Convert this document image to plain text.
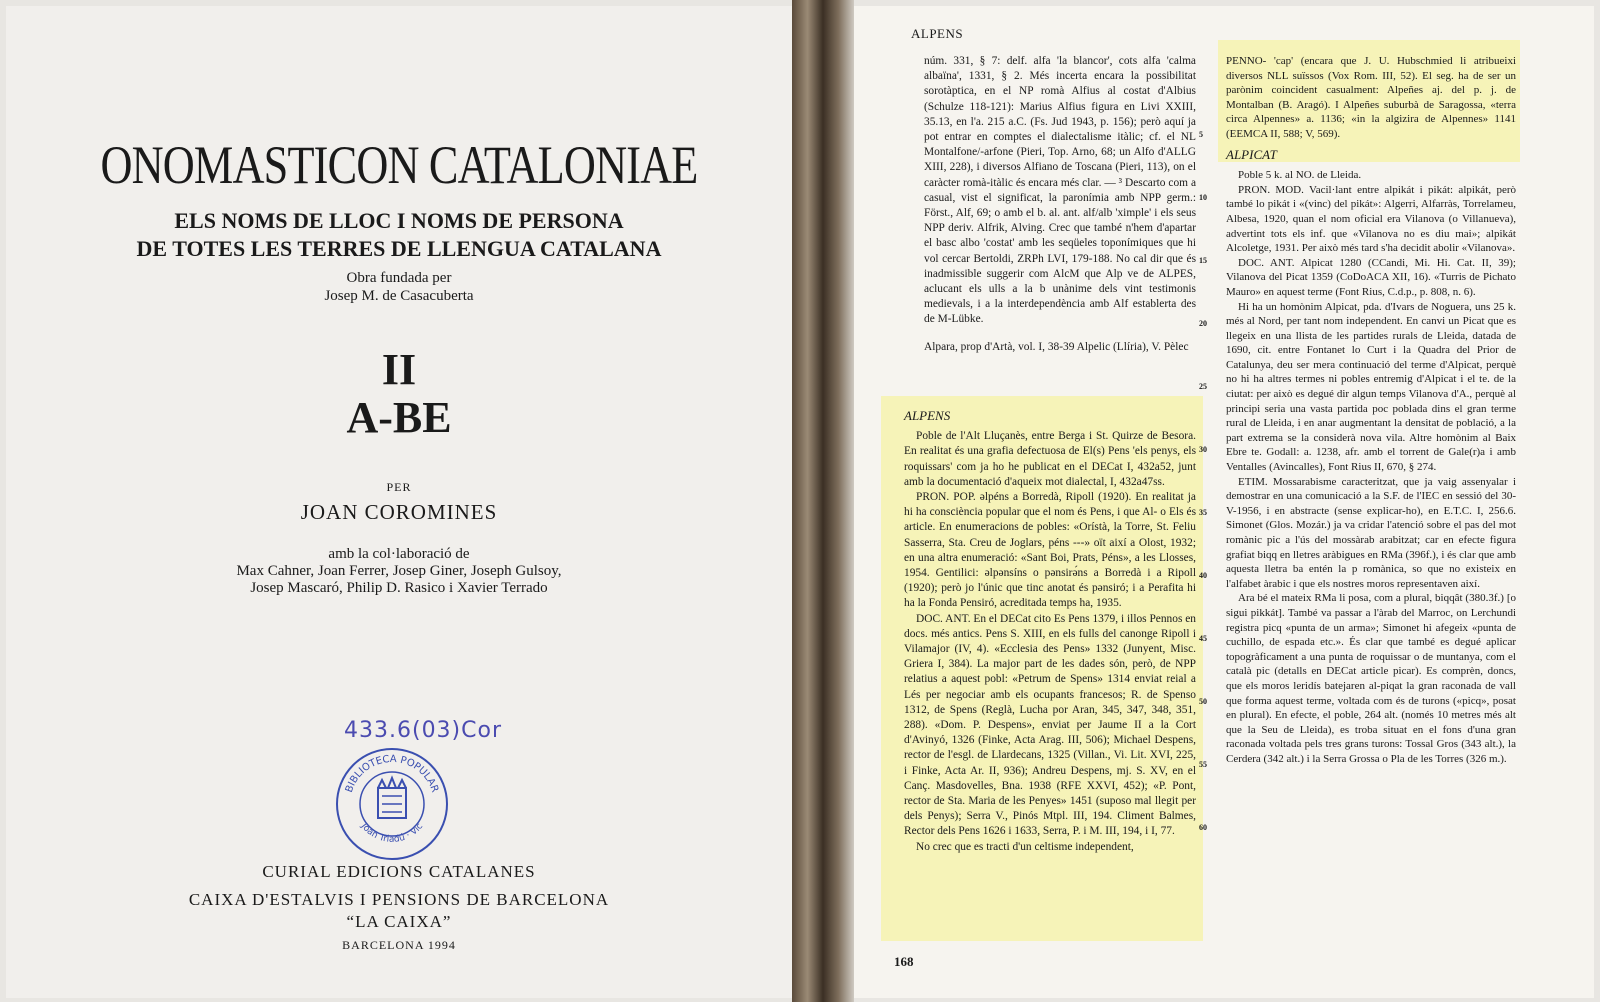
ONOMASTICON CATALONIAE
ELS NOMS DE LLOC I NOMS DE PERSONA
DE TOTES LES TERRES DE LLENGUA CATALANA
Obra fundada per
Josep M. de Casacuberta
II
A-BE
PER
JOAN COROMINES
amb la col·laboració de
Max Cahner, Joan Ferrer, Josep Giner, Joseph Gulsoy,
Josep Mascaró, Philip D. Rasico i Xavier Terrado
433.6(03)Cor
BIBLIOTECA POPULAR
Joan Triadú · Vic
CURIAL EDICIONS CATALANES
CAIXA D'ESTALVIS I PENSIONS DE BARCELONA
“LA CAIXA”
BARCELONA 1994
ALPENS

núm. 331, § 7: delf. alfa 'la blancor', cots alfa 'calma albaïna', 1331, § 2. Més incerta encara la possibilitat sorotàptica, en el NP romà Alfius al costat d'Albius (Schulze 118-121): Marius Alfius figura en Livi XXIII, 35.13, en l'a. 215 a.C. (Fs. Jud 1943, p. 156); però aquí ja pot entrar en comptes el dialectalisme itàlic; cf. el NL Montalfone/-arfone (Pieri, Top. Arno, 68; un Alfo d'ALLG XIII, 228), i diversos Alfiano de Toscana (Pieri, 113), on el caràcter romà-itàlic és encara més clar. — ³ Descarto com a casual, vist el significat, la paronímia amb NPP germ.: Först., Alf, 69; o amb el b. al. ant. alf/alb 'ximple' i els seus NPP deriv. Alfrik, Alving. Crec que també n'hem d'apartar el basc albo 'costat' amb les seqüeles toponímiques que hi vol cercar Bertoldi, ZRPh LVI, 179-188. No cal dir que és inadmissible suggerir com AlcM que Alp ve de ALPES, aclucant els ulls a la b unànime dels vint testimonis medievals, i a la interdependència amb Alf establerta des de M-Lübke.

Alpara, prop d'Artà, vol. I, 38-39 Alpelic (Llíria), V. Pèlec

ALPENS

Poble de l'Alt Lluçanès, entre Berga i St. Quirze de Besora. En realitat és una grafia defectuosa de El(s) Pens 'els penys, els roquissars' com ja ho he publicat en el DECat I, 432a52, junt amb la documentació d'aqueix mot dialectal, I, 432a47ss.

PRON. POP. əlpéns a Borredà, Ripoll (1920). En realitat ja hi ha consciència popular que el nom és Pens, i que Al- o Els és article. En enumeracions de pobles: «Orístà, la Torre, St. Feliu Sasserra, Sta. Creu de Joglars, péns ---» oït així a Olost, 1932; en una altra enumeració: «Sant Boi, Prats, Péns», a les Llosses, 1954. Gentilici: əlpənsíns o pənsirə́ns a Borredà i a Ripoll (1920); però jo l'únic que tinc anotat és pənsiró; i a Perafita hi ha la Fonda Pensiró, acreditada temps ha, 1935.

DOC. ANT. En el DECat cito Es Pens 1379, i illos Pennos en docs. més antics. Pens S. XIII, en els fulls del canonge Ripoll i Vilamajor (IV, 4). «Ecclesia des Pens» 1332 (Junyent, Misc. Griera I, 384). La major part de les dades són, però, de NPP relatius a aquest pobl: «Petrum de Spens» 1314 enviat reial a Lés per negociar amb els ocupants francesos; R. de Spenso 1312, de Spens (Reglà, Lucha por Aran, 345, 347, 348, 351, 288). «Dom. P. Despens», enviat per Jaume II a la Cort d'Avinyó, 1326 (Finke, Acta Arag. III, 506); Michael Despens, rector de l'esgl. de Llardecans, 1325 (Villan., Vi. Lit. XVI, 225, i Finke, Acta Ar. II, 936); Andreu Despens, mj. S. XV, en el Canç. Masdovelles, Bna. 1938 (RFE XXVI, 452); «P. Pont, rector de Sta. Maria de les Penyes» 1451 (suposo mal llegit per dels Penys); Serra V., Pinós Mtpl. III, 194. Climent Balmes, Rector dels Pens 1626 i 1633, Serra, P. i M. III, 194, i I, 77.

No crec que es tracti d'un celtisme independent,

PENNO- 'cap' (encara que J. U. Hubschmied li atribueixi diversos NLL suïssos (Vox Rom. III, 52). El seg. ha de ser un parònim coincident casualment: Alpeñes aj. del p. j. de Montalban (B. Aragó). I Alpeñes suburbà de Saragossa, «terra circa Alpennes» a. 1136; «in la algizira de Alpennes» 1141 (EEMCA II, 588; V, 569).

ALPICAT

Poble 5 k. al NO. de Lleida.

PRON. MOD. Vacil·lant entre alpikát i pikát: alpikát, però també lo pikát i «(vinc) del pikát»: Algerri, Alfarràs, Torrelameu, Albesa, 1920, quan el nom oficial era Vilanova (o Villanueva), advertint tots els inf. que «Vilanova no es diu mai»; alpikát Alcoletge, 1931. Per això més tard s'ha decidit abolir «Vilanova».

DOC. ANT. Alpicat 1280 (CCandi, Mi. Hi. Cat. II, 39); Vilanova del Picat 1359 (CoDoACA XII, 16). «Turris de Pichato Mauro» en aquest terme (Font Rius, C.d.p., p. 808, n. 6).

Hi ha un homònim Alpicat, pda. d'Ivars de Noguera, uns 25 k. més al Nord, per tant nom independent. En canvi un Picat que es llegeix en una llista de les partides rurals de Lleida, datada de 1690, cit. entre Fontanet lo Curt i la Quadra del Prior de Catalunya, deu ser mera continuació del terme d'Alpicat, perquè no hi ha altres termes ni pobles entremig d'Alpicat i el te. de la ciutat: per això es degué dir algun temps Vilanova d'A., perquè al principi seria una vasta partida poc poblada dins el gran terme rural de Lleida, i en anar augmentant la densitat de població, a la part extrema se la considerà nova vila. Altre homònim al Baix Ebre te. Godall: a. 1238, afr. amb el torrent de Gale(r)a i amb Ventalles (Avincalles), Font Rius II, 670, § 274.

ETIM. Mossarabisme caracteritzat, que ja vaig assenyalar i demostrar en una comunicació a la S.F. de l'IEC en sessió del 30-V-1956, i en abstracte (sense explicar-ho), en E.T.C. I, 256.6. Simonet (Glos. Mozár.) ja va cridar l'atenció sobre el pas del mot romànic pic a l'ús del mossàrab arabitzat; car en efecte figura grafiat biqq en lletres aràbigues en RMa (396f.), i és clar que amb aquesta lletra ba entén la p romànica, so que no existeix en l'alfabet àrabic i que els nostres moros representaven així.

Ara bé el mateix RMa li posa, com a plural, biqqât (380.3f.) [o sigui pikkát]. També va passar a l'àrab del Marroc, on Lerchundi registra picq «punta de un arma»; Simonet hi afegeix «punta de cuchillo, de espada etc.». És clar que també es degué aplicar topogràficament a una punta de roquissar o de muntanya, com el català pic (detalls en DECat article picar). Es comprèn, doncs, que els moros leridís batejaren al-piqat la gran raconada de vall que forma aquest terme, voltada com és de turons («picq», posat en plural). En efecte, el poble, 264 alt. (només 10 metres més alt que la Seu de Lleida), es troba situat en el fons d'una gran raconada voltada pels tres grans turons: Tossal Gros (343 alt.), la Cerdera (342 alt.) i la Serra Grossa o Pla de les Torres (326 m.).

5
10
15
20
25
30
35
40
45
50
55
60
168
